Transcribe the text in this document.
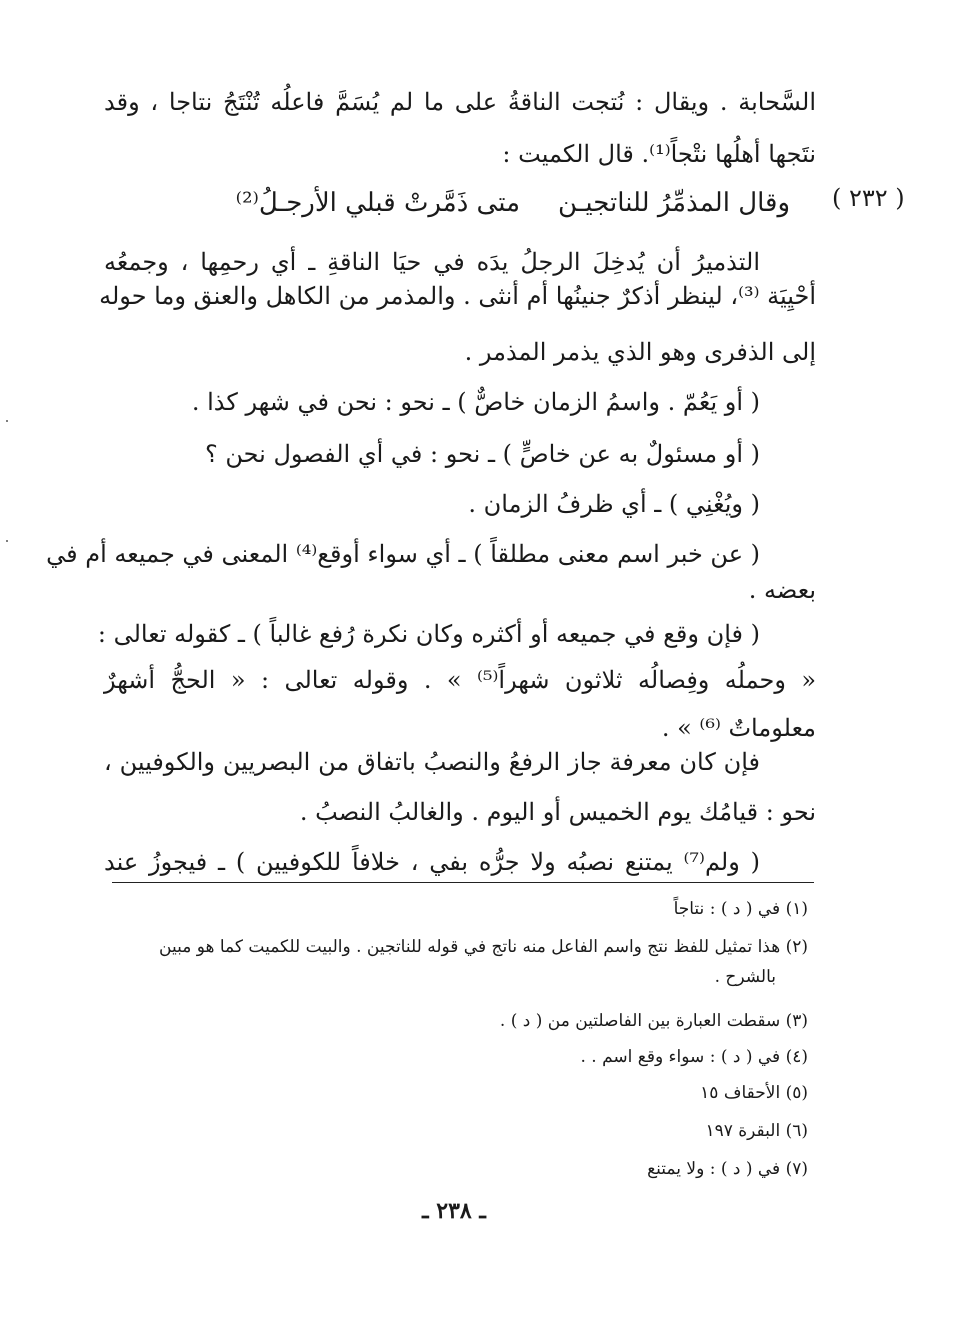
السَّحابة . ويقال : نُتجت الناقةُ على ما لم يُسَمَّ فاعلُه تُنْتَجُ نتاجا ، وقد
نتَجها أهلُها نتْجاً⁽¹⁾. قال الكميت :
( ٢٣٢ )
وقال المذمِّرُ للناتجيـن
متى ذَمَّرتْ قبلي الأرجـلُ⁽²⁾
التذميرُ أن يُدخِلَ الرجلُ يدَه في حيَا الناقةِ ـ أي رحمِها ، وجمعُه
أحْيِيَة ⁽³⁾، لينظر أذكرٌ جنينُها أم أنثى . والمذمر من الكاهل والعنق وما حوله
إلى الذفرى وهو الذي يذمر المذمر .
( أو يَعُمّ . واسمُ الزمان خاصٌّ ) ـ نحو : نحن في شهر كذا .
( أو مسئولٌ به عن خاصٍّ ) ـ نحو : في أي الفصول نحن ؟
( ويُغْنِي ) ـ أي ظرفُ الزمان .
( عن خبر اسم معنى مطلقاً ) ـ أي سواء أوقع⁽⁴⁾ المعنى في جميعه أم في
بعضه .
( فإن وقع في جميعه أو أكثره وكان نكرة رُفع غالباً ) ـ كقوله تعالى :
« وحملُه وفِصالُه ثلاثون شهراً⁽⁵⁾ » . وقوله تعالى : « الحجُّ أشهرٌ
معلوماتٌ ⁽⁶⁾ » .
فإن كان معرفة جاز الرفعُ والنصبُ باتفاق من البصريين والكوفيين ،
نحو : قيامُك يوم الخميس أو اليوم . والغالبُ النصبُ .
( ولم⁽⁷⁾ يمتنع نصبُه ولا جرُّه بفي ، خلافاً للكوفيين ) ـ فيجوزُ عند
(١) في ( د ) : نتاجاً
(٢) هذا تمثيل للفظ نتج واسم الفاعل منه ناتج في قوله للناتجين . والبيت للكميت كما هو مبين
بالشرح .
(٣) سقطت العبارة بين الفاصلتين من ( د ) .
(٤) في ( د ) : سواء وقع اسم . .
(٥) الأحقاف ١٥
(٦) البقرة ١٩٧
(٧) في ( د ) : ولا يمتنع
ـ ٢٣٨ ـ
